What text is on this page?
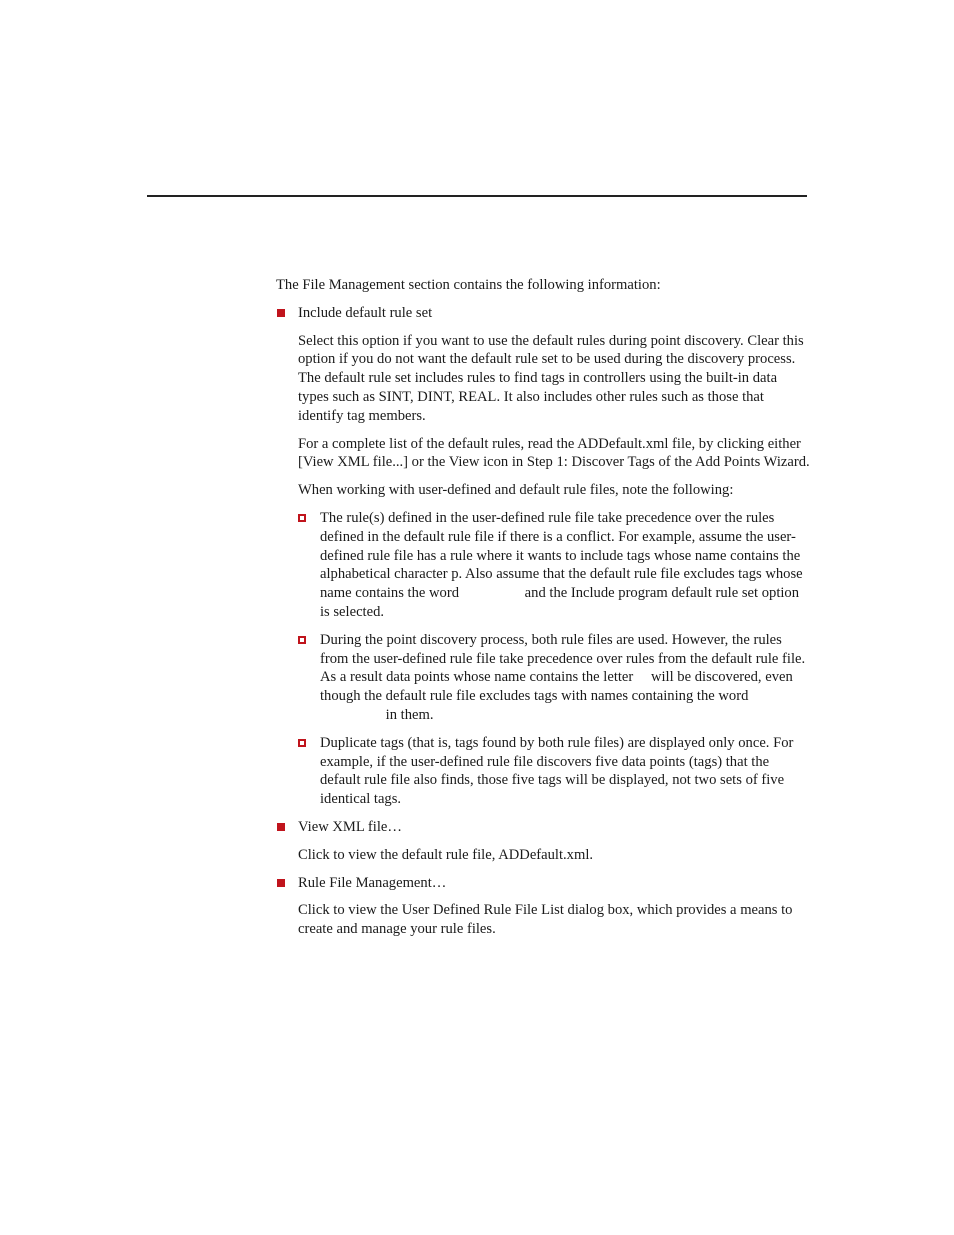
The File Management section contains the following information:

Include default rule set

Select this option if you want to use the default rules during point discovery. Clear this option if you do not want the default rule set to be used during the discovery process. The default rule set includes rules to find tags in controllers using the built-in data types such as SINT, DINT, REAL. It also includes other rules such as those that identify tag members.

For a complete list of the default rules, read the ADDefault.xml file, by clicking either [View XML file...] or the View icon in Step 1: Discover Tags of the Add Points Wizard.

When working with user-defined and default rule files, note the following:

The rule(s) defined in the user-defined rule file take precedence over the rules defined in the default rule file if there is a conflict. For example, assume the user-defined rule file has a rule where it wants to include tags whose name contains the alphabetical character p. Also assume that the default rule file excludes tags whose name contains the word	and the Include program default rule set option is selected.
During the point discovery process, both rule files are used. However, the rules from the user-defined rule file take precedence over rules from the default rule file. As a result data points whose name contains the letter will be discovered, even though the default rule file excludes tags with names containing the word in them.
Duplicate tags (that is, tags found by both rule files) are displayed only once. For example, if the user-defined rule file discovers five data points (tags) that the default rule file also finds, those five tags will be displayed, not two sets of five identical tags.
View XML file…

Click to view the default rule file, ADDefault.xml.

Rule File Management…

Click to view the User Defined Rule File List dialog box, which provides a means to create and manage your rule files.
